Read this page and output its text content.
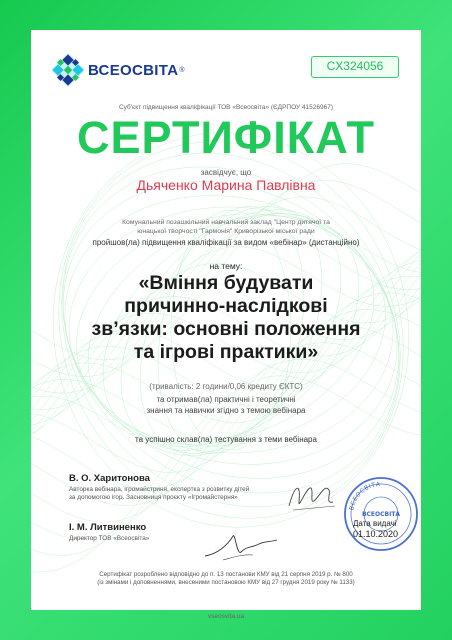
ВСЕОСВІТА ®	CX324056
Суб'єкт підвищення кваліфікації ТОВ «Всеосвіта» (ЄДРПОУ 41526967)
СЕРТИФІКАТ
засвідчує, що
Дьяченко Марина Павлівна
Комунальний позашкільний навчальний заклад "Центр дитячої та
юнацької творчості "Гармонія" Криворізької міської ради
пройшов(ла) підвищення кваліфікації за видом «вебінар» (дистанційно)
на тему:
«Вміння будувати
причинно-наслідкові
зв’язки: основні положення
та ігрові практики»
(тривалість: 2 години/0,06 кредиту ЄКТС)
та отримав(ла) практичні і теоретичні
знання та навички згідно з темою вебінара
та успішно склав(ла) тестування з теми вебінара
В. О. Харитонова
Авторка вебінара, ігромайстриня, експертка з розвитку дітей
за допомогою ігор. Засновниця проєкту «Ігромайстерня»
І. М. Литвиненко
Директор ТОВ «Всеосвіта»
ВСЕОСВІТА
ВСЕОСВІТА
Дата видачі
01.10.2020
Сертифікат розроблено відповідно до п. 13 постанови КМУ від 21 серпня 2019 р. № 800
(із змінами і доповненнями, внесеними постановою КМУ від 27 грудня 2019 року № 1133)
vseosvita.ua
